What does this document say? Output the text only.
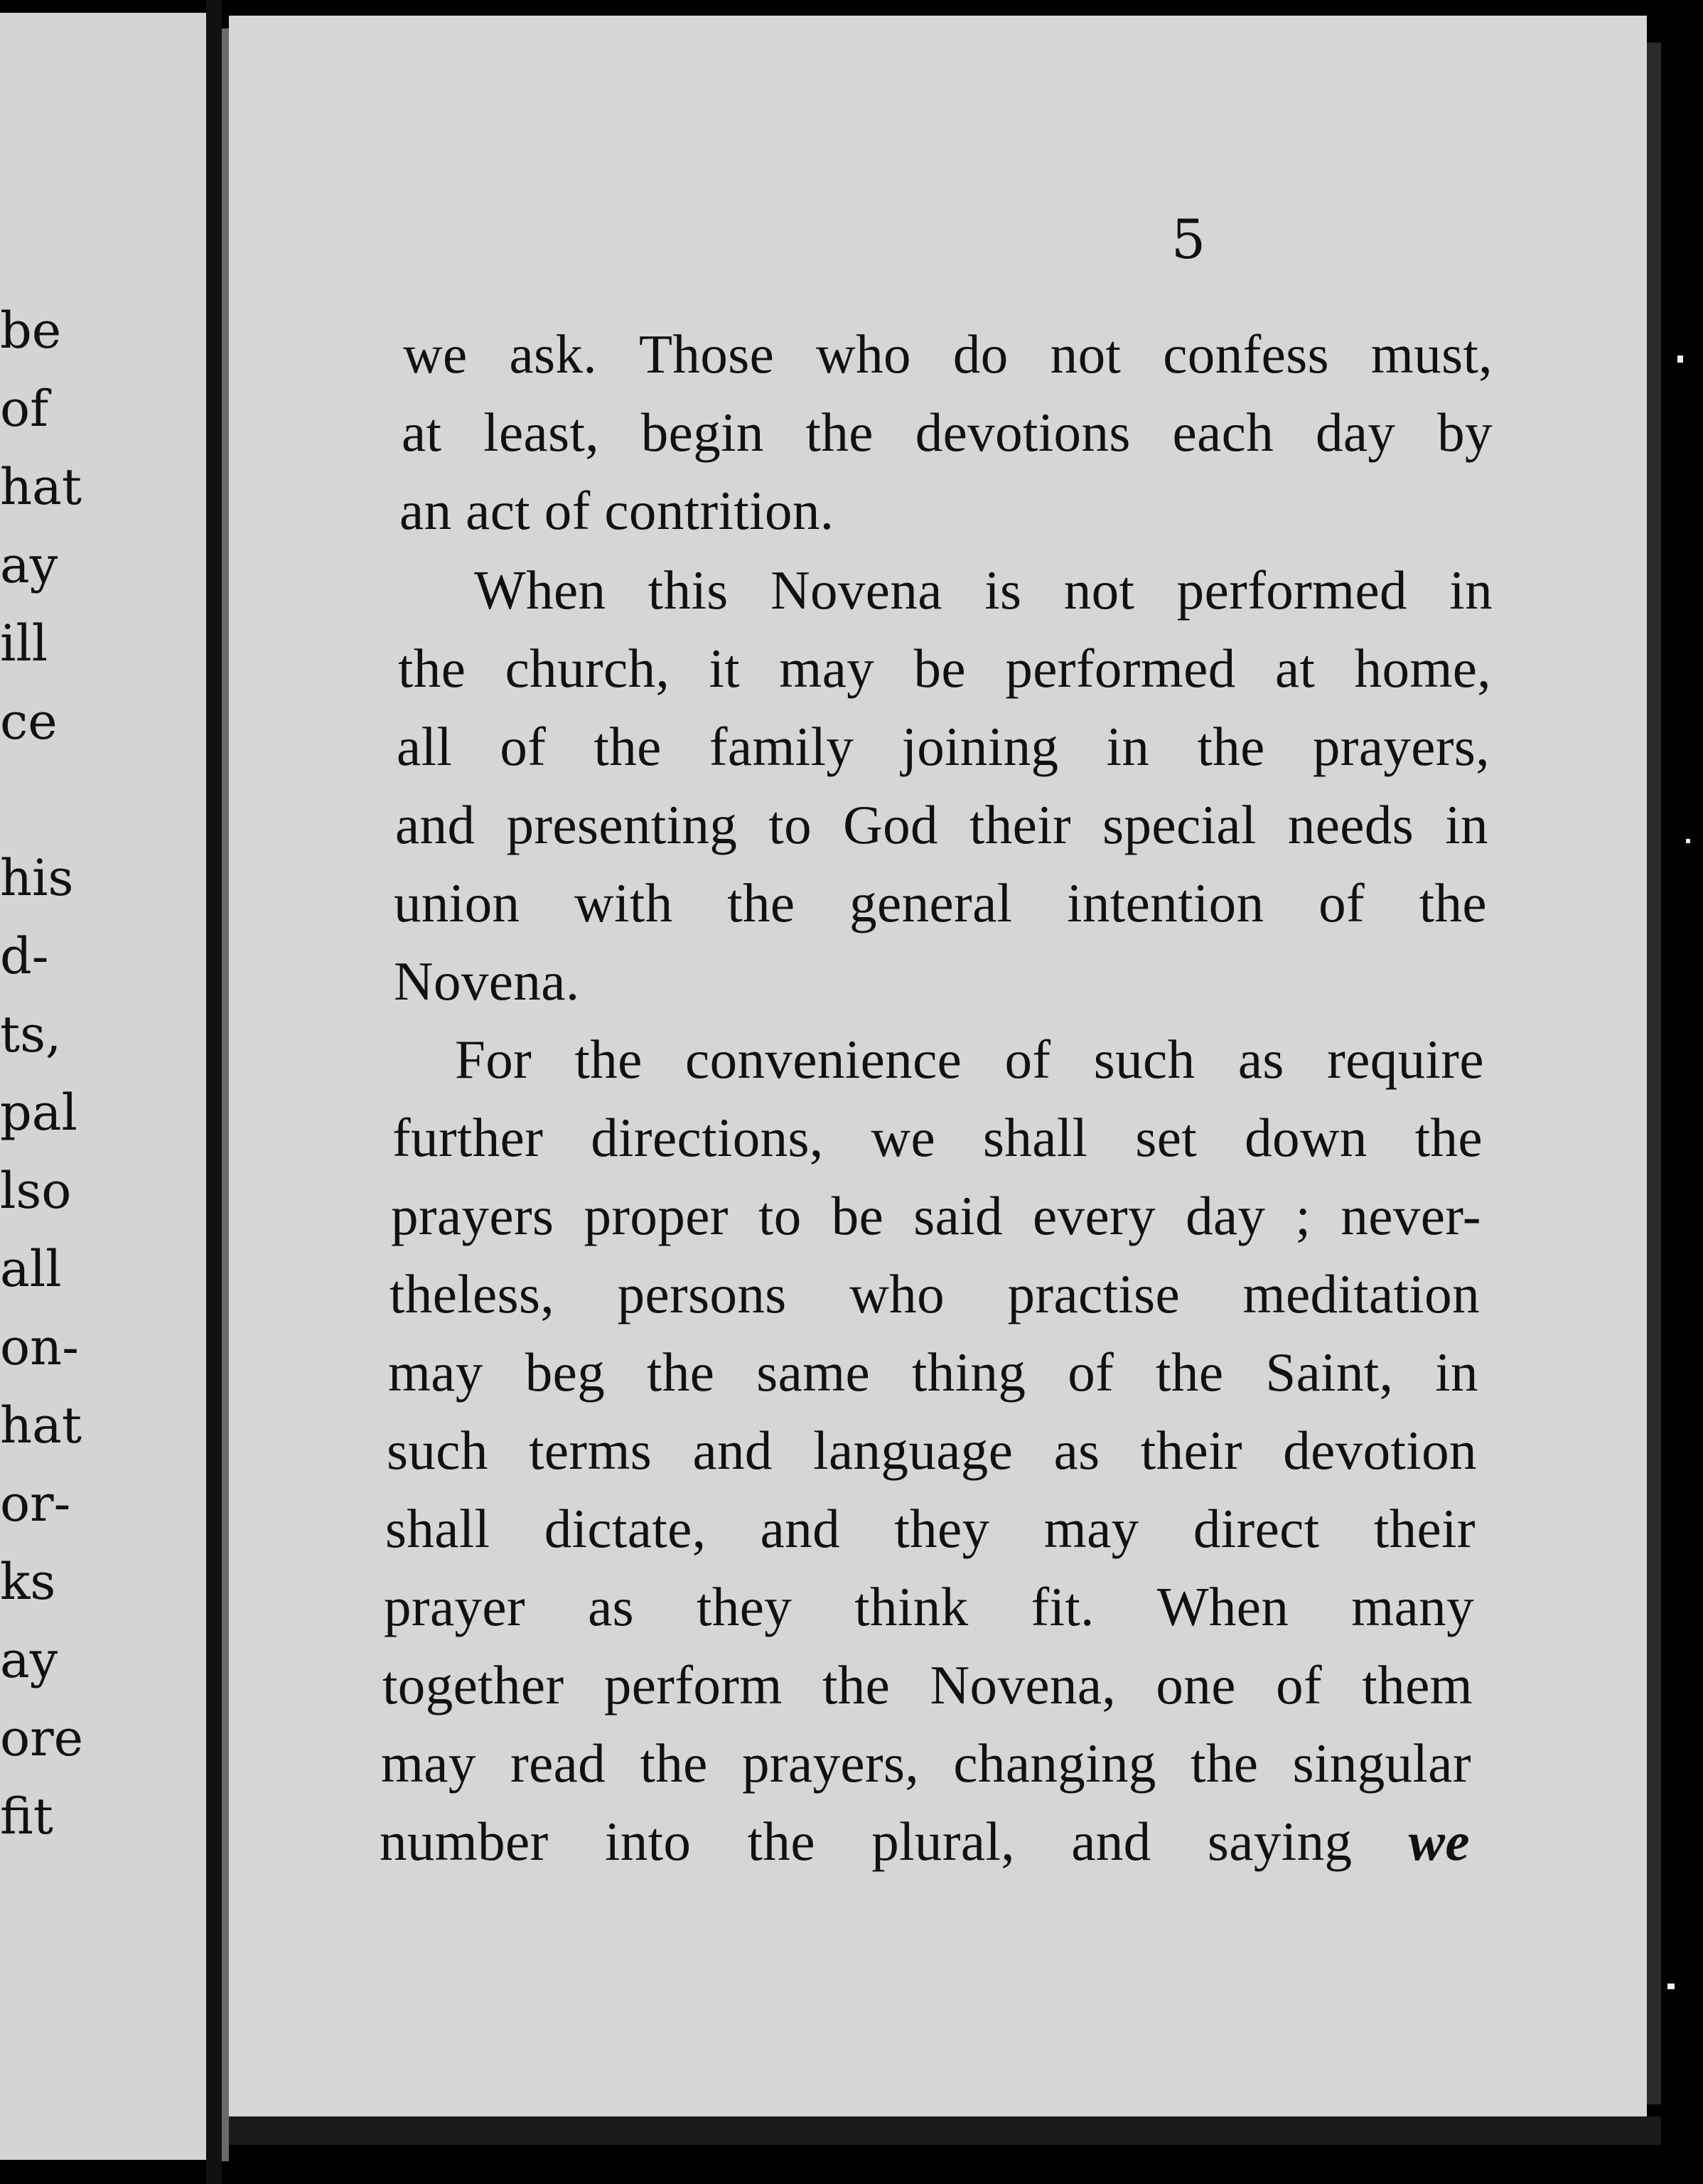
be
of
hat
ay
ill
ce
his
d-
ts,
pal
lso
all
on-
hat
or-
ks
ay
ore
fit
5
we ask. Those who do not confess must,
at least, begin the devotions each day by
an act of contrition.
When this Novena is not performed in
the church, it may be performed at home,
all of the family joining in the prayers,
and presenting to God their special needs in
union with the general intention of the
Novena.
For the convenience of such as require
further directions, we shall set down the
prayers proper to be said every day ; never-
theless, persons who practise meditation
may beg the same thing of the Saint, in
such terms and language as their devotion
shall dictate, and they may direct their
prayer as they think fit. When many
together perform the Novena, one of them
may read the prayers, changing the singular
number into the plural, and saying we
